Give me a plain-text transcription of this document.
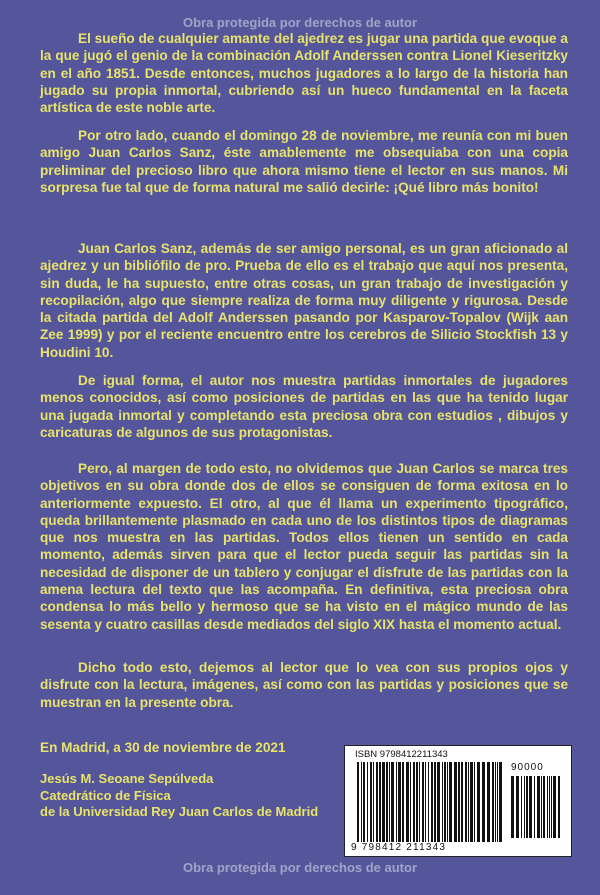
Obra protegida por derechos de autor

El sueño de cualquier amante del ajedrez es jugar una partida que evoque a la que jugó el genio de la combinación Adolf Anderssen contra Lionel Kieseritzky en el año 1851. Desde entonces, muchos jugadores a lo largo de la historia han jugado su propia inmortal, cubriendo así un hueco fundamental en la faceta artística de este noble arte.

Por otro lado, cuando el domingo 28 de noviembre, me reunía con mi buen amigo Juan Carlos Sanz, éste amablemente me obsequiaba con una copia preliminar del precioso libro que ahora mismo tiene el lector en sus manos. Mi sorpresa fue tal que de forma natural me salió decirle: ¡Qué libro más bonito!

Juan Carlos Sanz, además de ser amigo personal, es un gran aficionado al ajedrez y un bibliófilo de pro. Prueba de ello es el trabajo que aquí nos presenta, sin duda, le ha supuesto, entre otras cosas, un gran trabajo de investigación y recopilación, algo que siempre realiza de forma muy diligente y rigurosa. Desde la citada partida del Adolf Anderssen pasando por Kasparov-Topalov (Wijk aan Zee 1999) y por el reciente encuentro entre los cerebros de Silicio Stockfish 13 y Houdini 10.

De igual forma, el autor nos muestra partidas inmortales de jugadores menos conocidos, así como posiciones de partidas en las que ha tenido lugar una jugada inmortal y completando esta preciosa obra con estudios , dibujos y caricaturas de algunos de sus protagonistas.

Pero, al margen de todo esto, no olvidemos que Juan Carlos se marca tres objetivos en su obra donde dos de ellos se consiguen de forma exitosa en lo anteriormente expuesto. El otro, al que él llama un experimento tipográfico, queda brillantemente plasmado en cada uno de los distintos tipos de diagramas que nos muestra en las partidas. Todos ellos tienen un sentido en cada momento, además sirven para que el lector pueda seguir las partidas sin la necesidad de disponer de un tablero y conjugar el disfrute de las partidas con la amena lectura del texto que las acompaña. En definitiva, esta preciosa obra condensa lo más bello y hermoso que se ha visto en el mágico mundo de las sesenta y cuatro casillas desde mediados del siglo XIX hasta el momento actual.

Dicho todo esto, dejemos al lector que lo vea con sus propios ojos y disfrute con la lectura, imágenes, así como con las partidas y posiciones que se muestran en la presente obra.

En Madrid, a 30 de noviembre de 2021
Jesús M. Seoane Sepúlveda
Catedrático de Física
de la Universidad Rey Juan Carlos de Madrid
ISBN 9798412211343
90000
9 798412 211343
Obra protegida por derechos de autor
